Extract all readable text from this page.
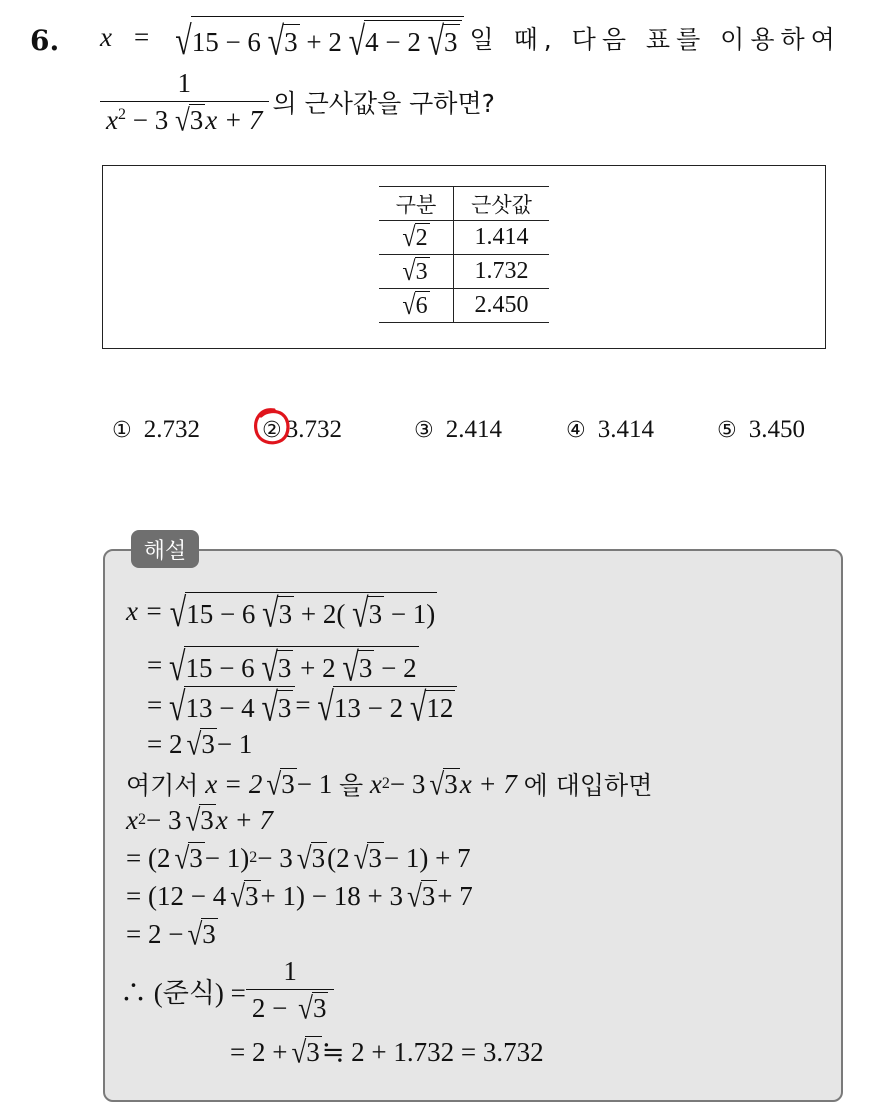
6. x = √15 − 6 √3 + 2 √4 − 2 √3 일 때, 다음 표를 이용하여
$\frac{1}{x^2 - 3 √3x + 7}$ 의 근사값을 구하면?
구분	근삿값
√2	1.414
√3	1.732
√6	2.450
① 2.732	② 3.732	③ 2.414	④ 3.414	⑤ 3.450
해설
x =
√15 − 6 √3 + 2( √3 − 1)
=
√15 − 6 √3 + 2 √3 − 2
=
√13 − 4 √3 =
√13 − 2 √12
= 2 √3 − 1
여기서
x = 2 √3 − 1
을
x 2 − 3 √3 x + 7
에 대입하면
x 2 − 3 √3 x + 7
= (2 √3 − 1) 2 − 3 √3 (2 √3 − 1) + 7
= (12 − 4 √3 + 1) − 18 + 3 √3 + 7
= 2 − √3
∴ (준식) = $\frac{1}{2 - √3}$
= 2 + √3 ≒ 2 + 1.732 = 3.732
